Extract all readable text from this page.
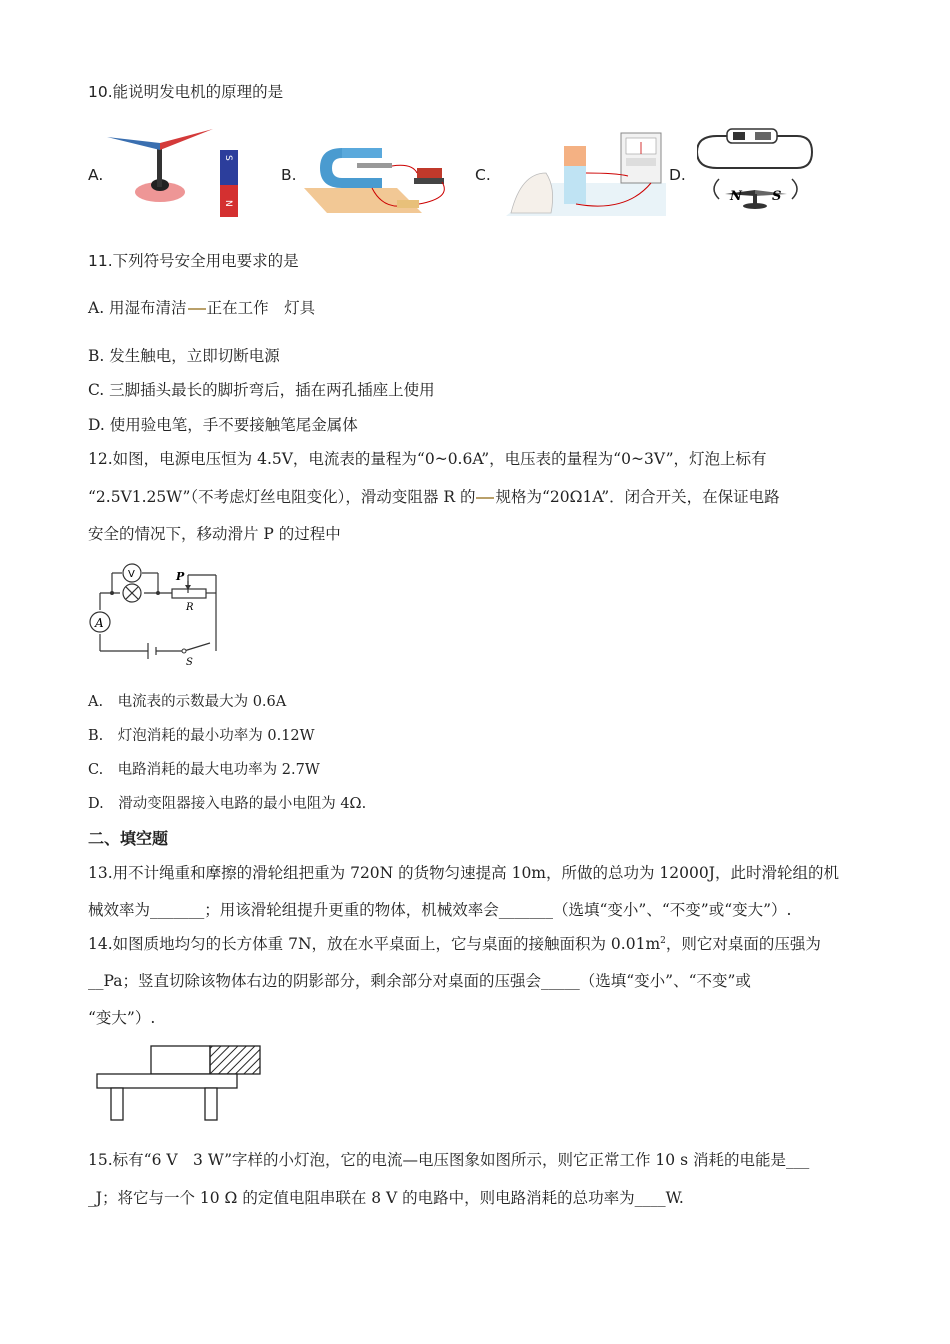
10.能说明发电机的原理的是
A.	B.	C.	D.
S
N	N S
11.下列符号安全用电要求的是
A. 用湿布清洁 正在工作　灯具
B. 发生触电，立即切断电源
C. 三脚插头最长的脚折弯后，插在两孔插座上使用
D. 使用验电笔，手不要接触笔尾金属体
12.如图，电源电压恒为 4.5V，电流表的量程为“0~0.6A”，电压表的量程为“0~3V”，灯泡上标有
“2.5V1.25W”（不考虑灯丝电阻变化），滑动变阻器 R 的 规格为“20Ω1A”．闭合开关，在保证电路
安全的情况下，移动滑片 P 的过程中
V
A
P
R
S
A.　电流表的示数最大为 0.6A
B.　灯泡消耗的最小功率为 0.12W
C.　电路消耗的最大电功率为 2.7W
D.　滑动变阻器接入电路的最小电阻为 4Ω.
二、填空题
13.用不计绳重和摩擦的滑轮组把重为 720N 的货物匀速提高 10m，所做的总功为 12000J，此时滑轮组的机
械效率为_______；用该滑轮组提升更重的物体，机械效率会_______（选填“变小”、“不变”或“变大”）.
14.如图质地均匀的长方体重 7N，放在水平桌面上，它与桌面的接触面积为 $0.01m^2$，则它对桌面的压强为
__Pa；竖直切除该物体右边的阴影部分，剩余部分对桌面的压强会_____（选填“变小”、“不变”或
“变大”）.
15.标有“6 V　3 W”字样的小灯泡，它的电流—电压图象如图所示，则它正常工作 10 s 消耗的电能是___
_J；将它与一个 10 Ω 的定值电阻串联在 8 V 的电路中，则电路消耗的总功率为____W.
